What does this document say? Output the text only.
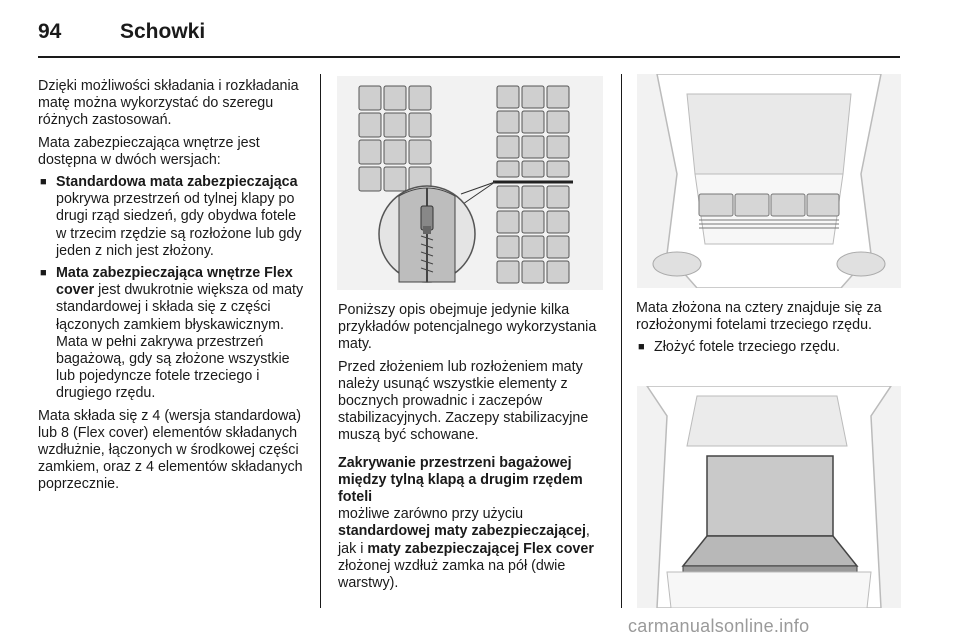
94	Schowki

Dzięki możliwości składania i rozkładania matę można wykorzystać do szeregu różnych zastosowań.

Mata zabezpieczająca wnętrze jest dostępna w dwóch wersjach:

■ Standardowa mata zabezpieczająca pokrywa przestrzeń od tylnej klapy po drugi rząd siedzeń, gdy obydwa fotele w trzecim rzędzie są rozłożone lub gdy jeden z nich jest złożony.
■ Mata zabezpieczająca wnętrze Flex cover jest dwukrotnie większa od maty standardowej i składa się z części łączonych zamkiem błyskawicznym. Mata w pełni zakrywa przestrzeń bagażową, gdy są złożone wszystkie lub pojedyncze fotele trzeciego i drugiego rzędu.

Mata składa się z 4 (wersja standardowa) lub 8 (Flex cover) elementów składanych wzdłużnie, łączonych w środkowej części zamkiem, oraz z 4 elementów składanych poprzecznie.

Poniższy opis obejmuje jedynie kilka przykładów potencjalnego wykorzystania maty.

Przed złożeniem lub rozłożeniem maty należy usunąć wszystkie elementy z bocznych prowadnic i zaczepów stabilizacyjnych. Zaczepy stabilizacyjne muszą być schowane.

Zakrywanie przestrzeni bagażowej między tylną klapą a drugim rzędem foteli

możliwe zarówno przy użyciu standardowej maty zabezpieczającej, jak i maty zabezpieczającej Flex cover złożonej wzdłuż zamka na pół (dwie warstwy).

Mata złożona na cztery znajduje się za rozłożonymi fotelami trzeciego rzędu.

■ Złożyć fotele trzeciego rzędu.
carmanualsonline.info
